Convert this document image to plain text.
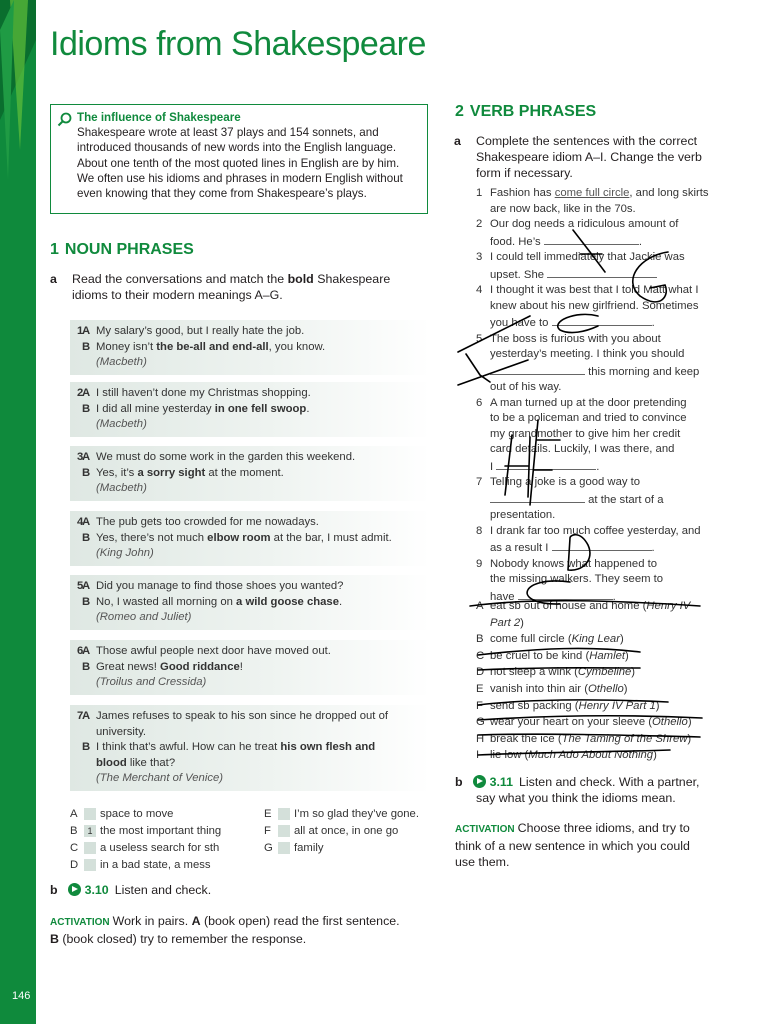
146
Idioms from Shakespeare
The influence of Shakespeare
Shakespeare wrote at least 37 plays and 154 sonnets, and
introduced thousands of new words into the English language.
About one tenth of the most quoted lines in English are by him.
We often use his idioms and phrases in modern English without
even knowing that they come from Shakespeare’s plays.
1 NOUN PHRASES
a Read the conversations and match the bold Shakespeare
idioms to their modern meanings A–G.
1
A My salary’s good, but I really hate the job.
B Money isn’t the be-all and end-all, you know.
(Macbeth)
2
A I still haven’t done my Christmas shopping.
B I did all mine yesterday in one fell swoop.
(Macbeth)
3
A We must do some work in the garden this weekend.
B Yes, it’s a sorry sight at the moment.
(Macbeth)
4
A The pub gets too crowded for me nowadays.
B Yes, there’s not much elbow room at the bar, I must admit.
(King John)
5
A Did you manage to find those shoes you wanted?
B No, I wasted all morning on a wild goose chase.
(Romeo and Juliet)
6
A Those awful people next door have moved out.
B Great news! Good riddance!
(Troilus and Cressida)
7
A James refuses to speak to his son since he dropped out of
university.
B I think that’s awful. How can he treat his own flesh and
blood like that?
(The Merchant of Venice)
A space to move
B	1 the most important thing
C a useless search for sth
D in a bad state, a mess
E I’m so glad they’ve gone.
F all at once, in one go
G family
b 3.10 Listen and check.
ACTIVATION Work in pairs. A (book open) read the first sentence.
B (book closed) try to remember the response.
2 VERB PHRASES
a Complete the sentences with the correct
Shakespeare idiom A–I. Change the verb
form if necessary.
1 Fashion has come full circle, and long skirts
are now back, like in the 70s.
2 Our dog needs a ridiculous amount of
food. He’s	.
3 I could tell immediately that Jackie was
upset. She
4 I thought it was best that I told Matt what I
knew about his new girlfriend. Sometimes
you have to	.
5 The boss is furious with you about
yesterday’s meeting. I think you should
this morning and keep
out of his way.
6 A man turned up at the door pretending
to be a policeman and tried to convince
my grandmother to give him her credit
card details. Luckily, I was there, and
I	.
7 Telling a joke is a good way to
at the start of a
presentation.
8 I drank far too much coffee yesterday, and
as a result I	.
9 Nobody knows what happened to
the missing walkers. They seem to
have	.
A eat sb out of house and home (Henry IV
Part 2)
B come full circle (King Lear)
C be cruel to be kind (Hamlet)
D not sleep a wink (Cymbeline)
E vanish into thin air (Othello)
F send sb packing (Henry IV Part 1)
G wear your heart on your sleeve (Othello)
H break the ice (The Taming of the Shrew)
I lie low (Much Ado About Nothing)
b 3.11 Listen and check. With a partner,
say what you think the idioms mean.
ACTIVATION Choose three idioms, and try to
think of a new sentence in which you could
use them.
